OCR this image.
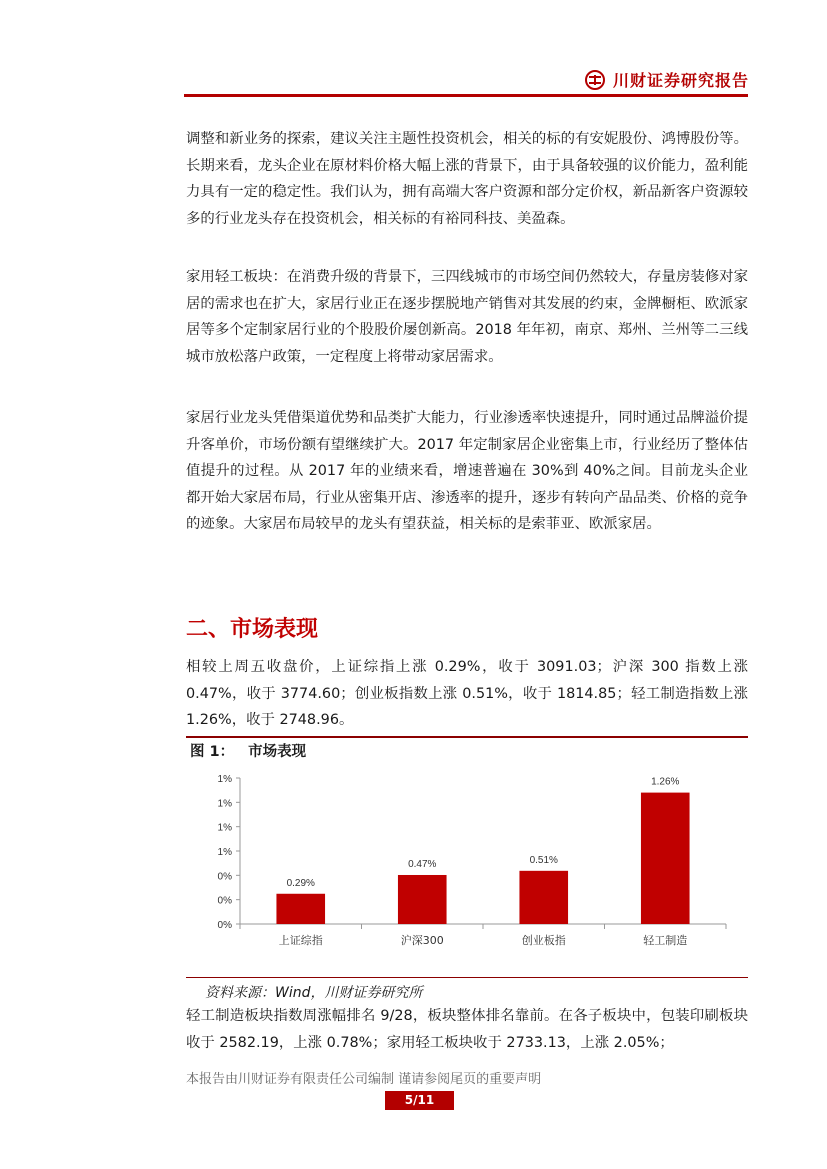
川财证券研究报告

调整和新业务的探索，建议关注主题性投资机会，相关的标的有安妮股份、鸿博股份等。长期来看，龙头企业在原材料价格大幅上涨的背景下，由于具备较强的议价能力，盈利能力具有一定的稳定性。我们认为，拥有高端大客户资源和部分定价权，新品新客户资源较多的行业龙头存在投资机会，相关标的有裕同科技、美盈森。

家用轻工板块：在消费升级的背景下，三四线城市的市场空间仍然较大，存量房装修对家居的需求也在扩大，家居行业正在逐步摆脱地产销售对其发展的约束，金牌橱柜、欧派家居等多个定制家居行业的个股股价屡创新高。2018 年年初，南京、郑州、兰州等二三线城市放松落户政策，一定程度上将带动家居需求。

家居行业龙头凭借渠道优势和品类扩大能力，行业渗透率快速提升，同时通过品牌溢价提升客单价，市场份额有望继续扩大。2017 年定制家居企业密集上市，行业经历了整体估值提升的过程。从 2017 年的业绩来看，增速普遍在 30%到 40%之间。目前龙头企业都开始大家居布局，行业从密集开店、渗透率的提升，逐步有转向产品品类、价格的竞争的迹象。大家居布局较早的龙头有望获益，相关标的是索菲亚、欧派家居。

二、市场表现

相较上周五收盘价，上证综指上涨 0.29%，收于 3091.03；沪深 300 指数上涨 0.47%，收于 3774.60；创业板指数上涨 0.51%，收于 1814.85；轻工制造指数上涨 1.26%，收于 2748.96。

图 1： 市场表现
0%
0%
0%
1%
1%
1%
1%
0.29%
上证综指
0.47%
沪深300
0.51%
创业板指
1.26%
轻工制造
资料来源：Wind，川财证券研究所

轻工制造板块指数周涨幅排名 9/28，板块整体排名靠前。在各子板块中，包装印刷板块收于 2582.19，上涨 0.78%；家用轻工板块收于 2733.13，上涨 2.05%；

本报告由川财证券有限责任公司编制 谨请参阅尾页的重要声明
5/11
